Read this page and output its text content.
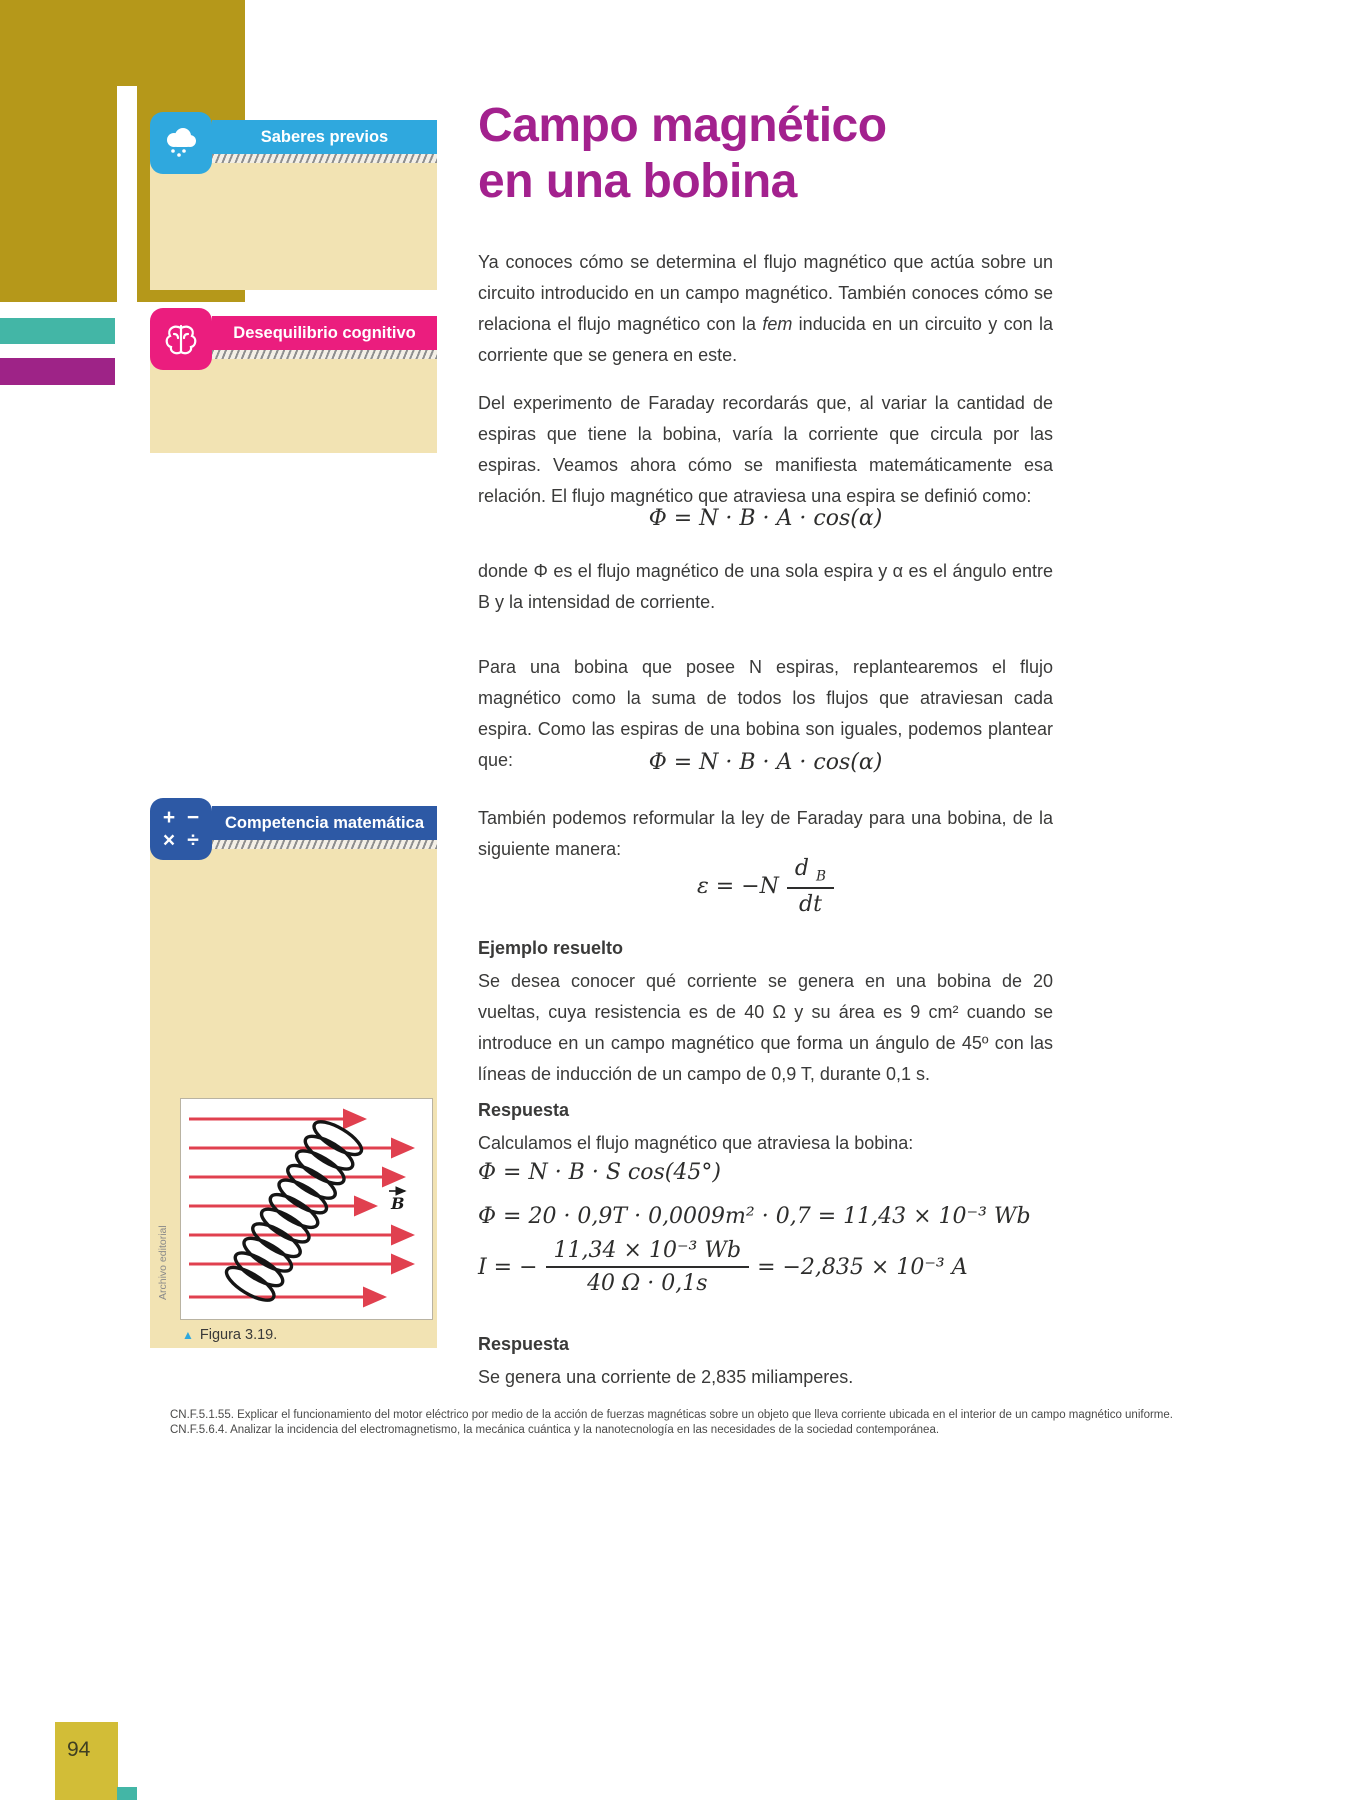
Saberes previos

Desequilibrio cognitivo

Competencia matemática
+ −
× ÷

B
▲ Figura 3.19.
Archivo editorial
Campo magnético
en una bobina

Ya conoces cómo se determina el flujo magnético que actúa sobre un circuito introducido en un campo magnético. También conoces cómo se relaciona el flujo magnético con la fem inducida en un circuito y con la corriente que se genera en este.

Del experimento de Faraday recordarás que, al variar la cantidad de espiras que tiene la bobina, varía la corriente que circula por las espiras. Veamos ahora cómo se manifiesta matemáticamente esa relación. El flujo magnético que atraviesa una espira se definió como:

Φ = N · B · A · cos(α)

donde Φ es el flujo magnético de una sola espira y α es el ángulo entre B y la intensidad de corriente.

Para una bobina que posee N espiras, replantearemos el flujo magnético como la suma de todos los flujos que atraviesan cada espira. Como las espiras de una bobina son iguales, podemos plantear que:	Φ = N · B · A · cos(α)

También podemos reformular la ley de Faraday para una bobina, de la siguiente manera:

$\varepsilon = -N \frac{d _B}{dt}$
Ejemplo resuelto

Se desea conocer qué corriente se genera en una bobina de 20 vueltas, cuya resistencia es de 40 Ω y su área es 9 cm² cuando se introduce en un campo magnético que forma un ángulo de 45º con las líneas de inducción de un campo de 0,9 T, durante 0,1 s.

Respuesta

Calculamos el flujo magnético que atraviesa la bobina:

Φ = N · B · S cos(45°)
Φ = 20 · 0,9T · 0,0009m² · 0,7 = 11,43 × 10⁻³ Wb
I = − $\frac{\text{11,34 × 10⁻³ Wb}}{40 \Omega \cdot 0,1s} = -2,835 \times 10^{-3}$ A
Respuesta

Se genera una corriente de 2,835 miliamperes.

CN.F.5.1.55. Explicar el funcionamiento del motor eléctrico por medio de la acción de fuerzas magnéticas sobre un objeto que lleva corriente ubicada en el interior de un campo magnético uniforme.

CN.F.5.6.4. Analizar la incidencia del electromagnetismo, la mecánica cuántica y la nanotecnología en las necesidades de la sociedad contemporánea.

94
